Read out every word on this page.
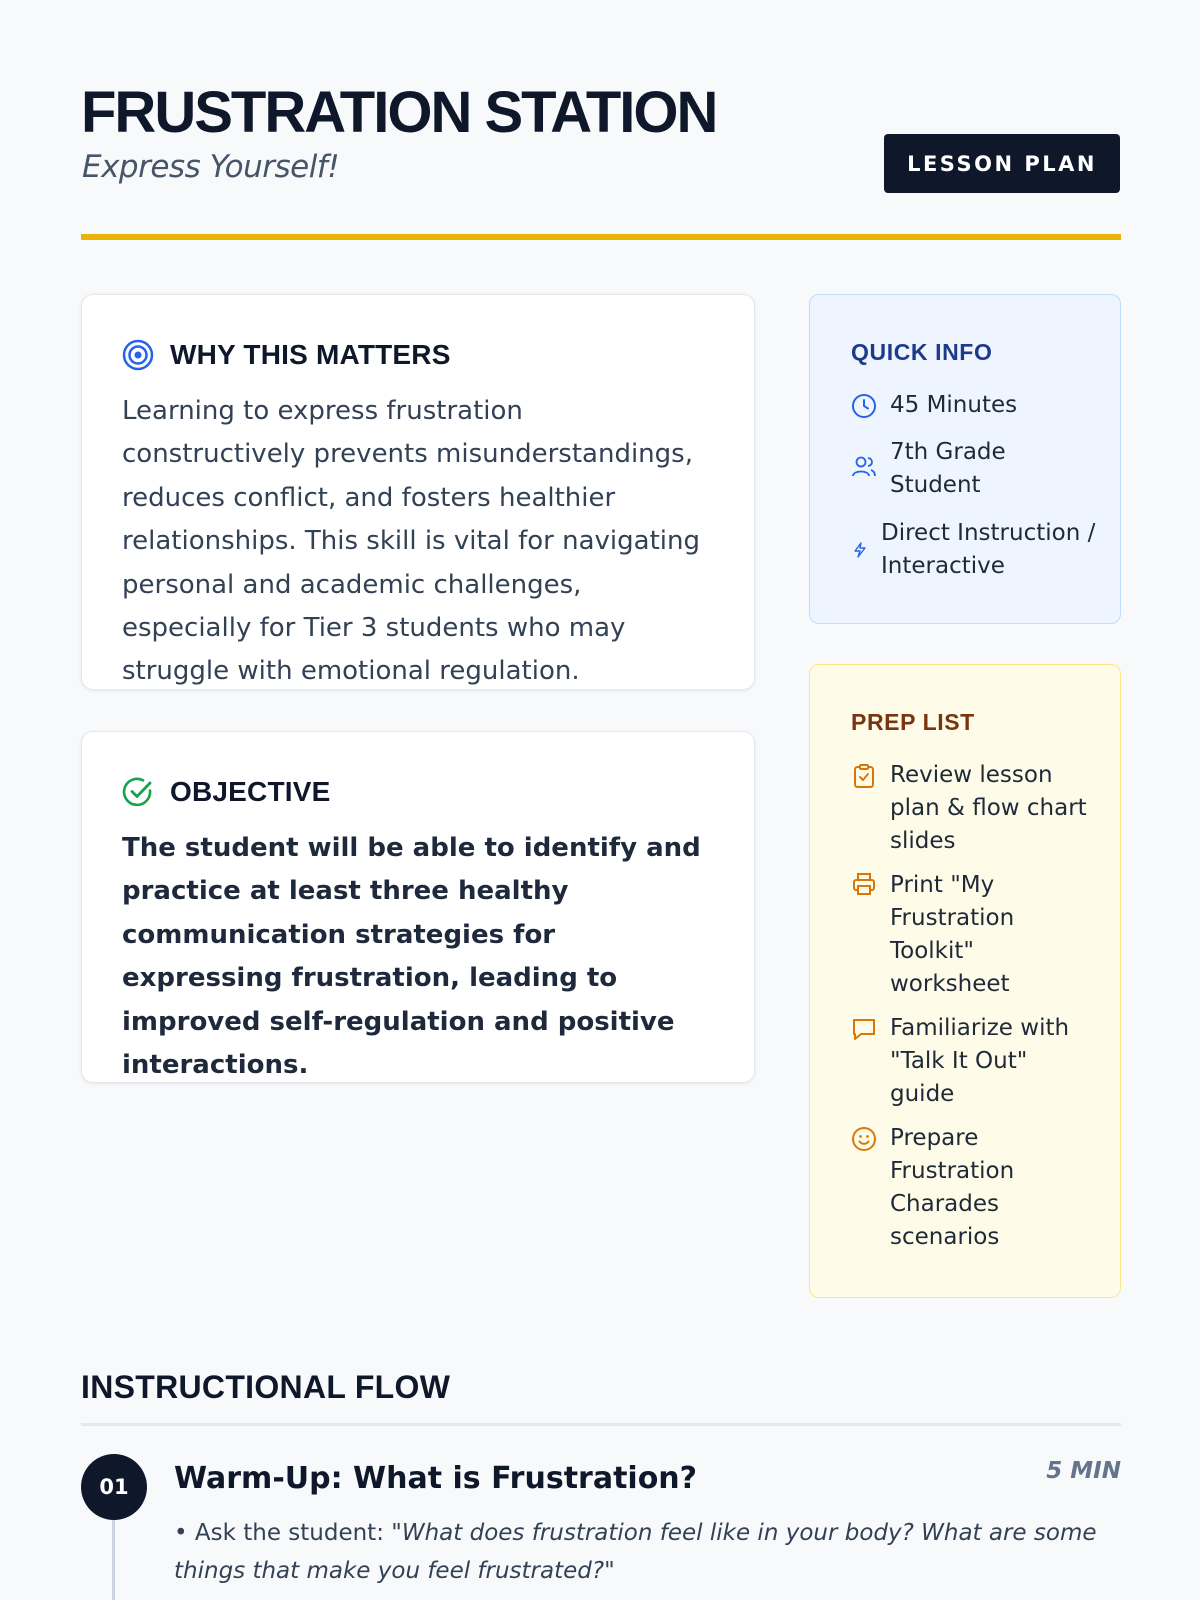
FRUSTRATION STATION
Express Yourself!	LESSON PLAN
WHY THIS MATTERS
Learning to express frustration constructively prevents misunderstandings, reduces conflict, and fosters healthier relationships. This skill is vital for navigating personal and academic challenges, especially for Tier 3 students who may struggle with emotional regulation.
OBJECTIVE
The student will be able to identify and practice at least three healthy communication strategies for expressing frustration, leading to improved self-regulation and positive interactions.
QUICK INFO
45 Minutes
7th Grade Student
Direct Instruction / Interactive
PREP LIST
Review lesson plan & flow chart slides
Print "My Frustration Toolkit" worksheet
Familiarize with "Talk It Out" guide
Prepare Frustration Charades scenarios
INSTRUCTIONAL FLOW
01	Warm-Up: What is Frustration?	5 MIN
• Ask the student: "What does frustration feel like in your body? What are some things that make you feel frustrated?"
